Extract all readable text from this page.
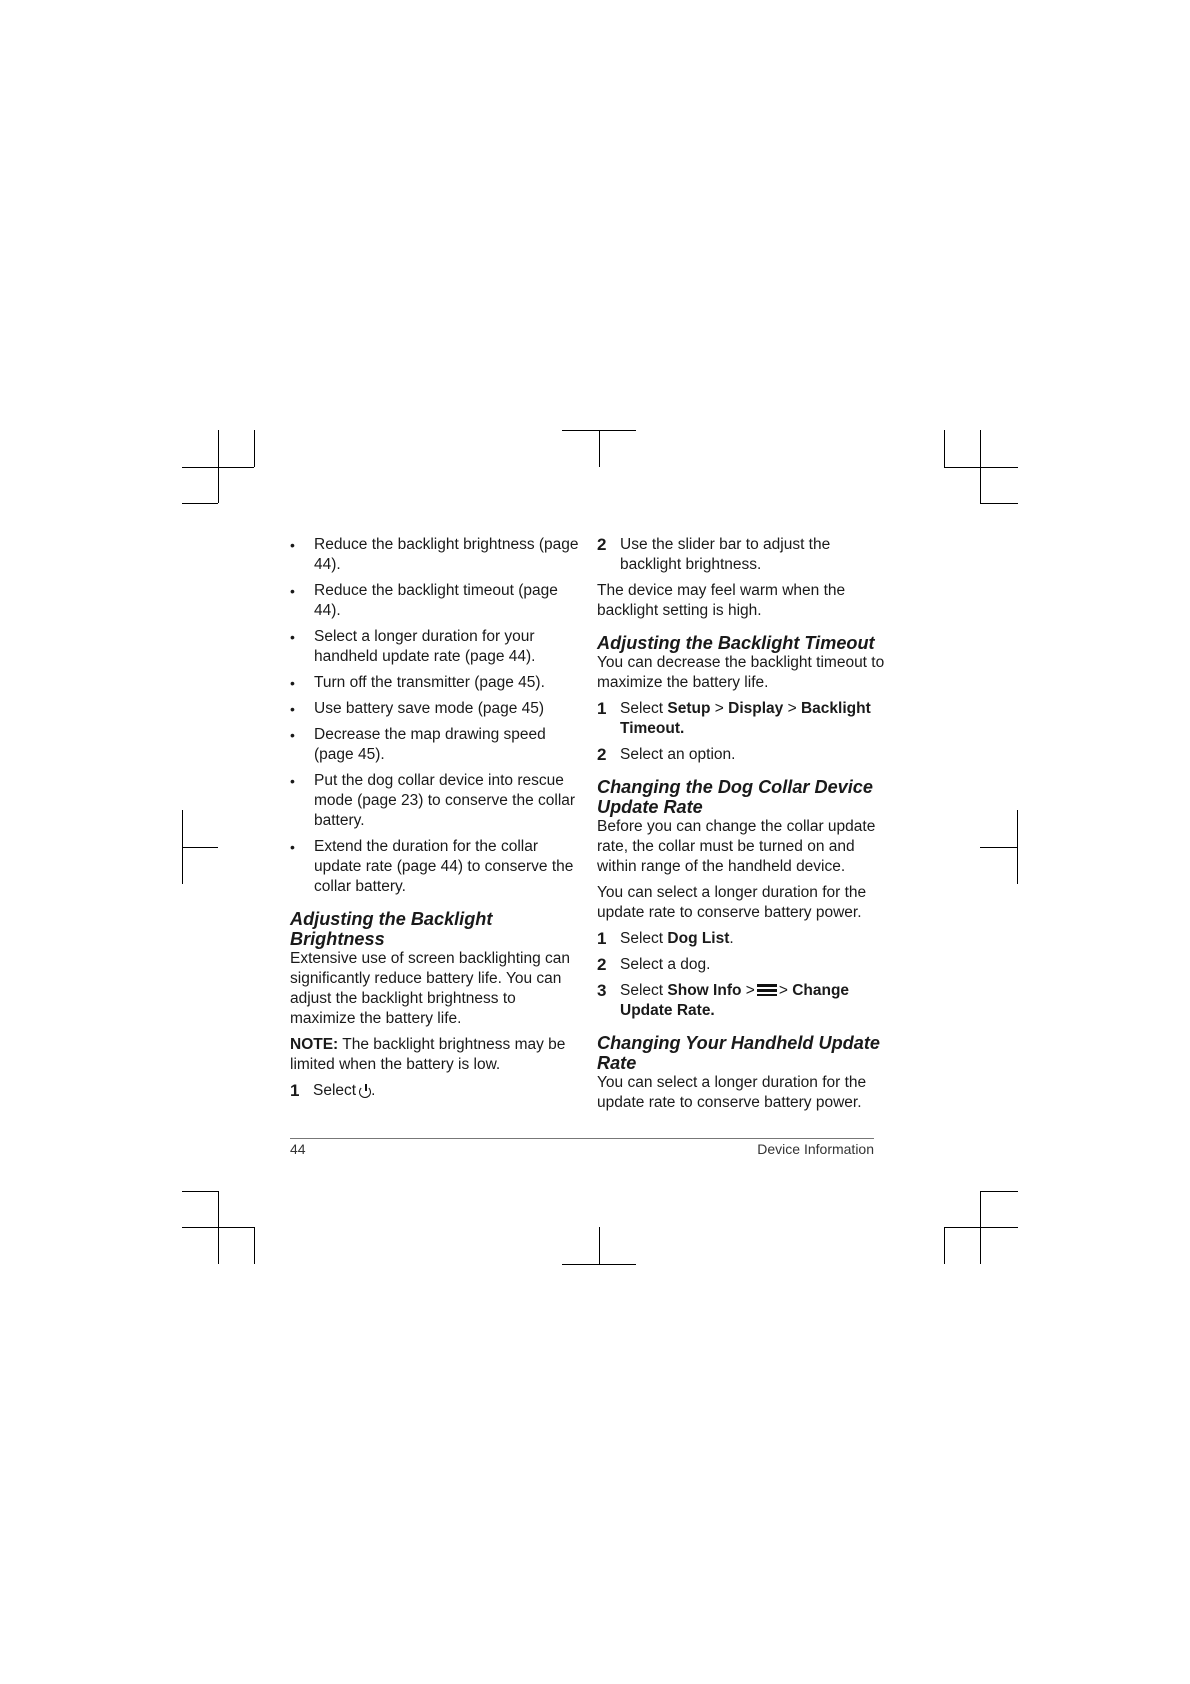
• Reduce the backlight brightness (page 44).
• Reduce the backlight timeout (page 44).
• Select a longer duration for your handheld update rate (page 44).
• Turn off the transmitter (page 45).
• Use battery save mode (page 45)
• Decrease the map drawing speed (page 45).
• Put the dog collar device into rescue mode (page 23) to conserve the collar battery.
• Extend the duration for the collar update rate (page 44) to conserve the collar battery.
Adjusting the Backlight Brightness

Extensive use of screen backlighting can significantly reduce battery life. You can adjust the backlight brightness to maximize the battery life.

NOTE: The backlight brightness may be limited when the battery is low.

1 Select .
2 Use the slider bar to adjust the backlight brightness.

The device may feel warm when the backlight setting is high.

Adjusting the Backlight Timeout

You can decrease the backlight timeout to maximize the battery life.

1 Select Setup > Display > Backlight Timeout.
2 Select an option.
Changing the Dog Collar Device Update Rate

Before you can change the collar update rate, the collar must be turned on and within range of the handheld device.

You can select a longer duration for the update rate to conserve battery power.

1 Select Dog List.
2 Select a dog.
3 Select Show Info > > Change Update Rate.
Changing Your Handheld Update Rate

You can select a longer duration for the update rate to conserve battery power.

44	Device Information
